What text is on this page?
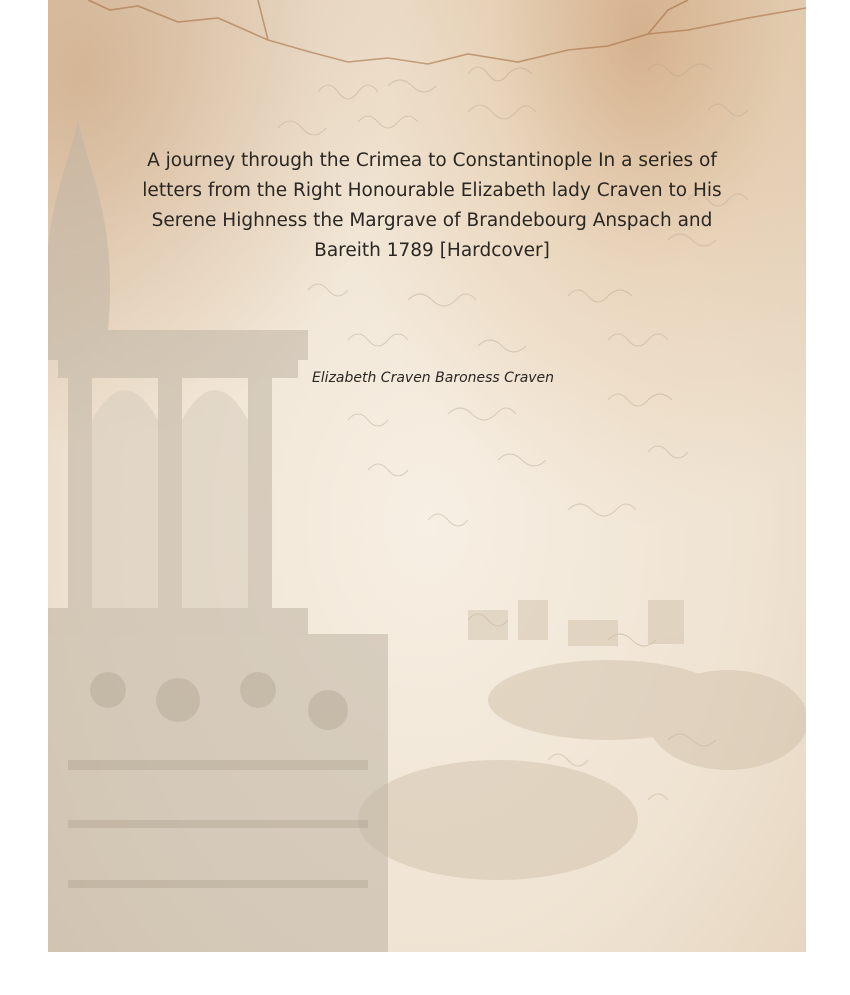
A journey through the Crimea to Constantinople In a series of letters from the Right Honourable Elizabeth lady Craven to His Serene Highness the Margrave of Brandebourg Anspach and Bareith 1789 [Hardcover]
Elizabeth Craven Baroness Craven
